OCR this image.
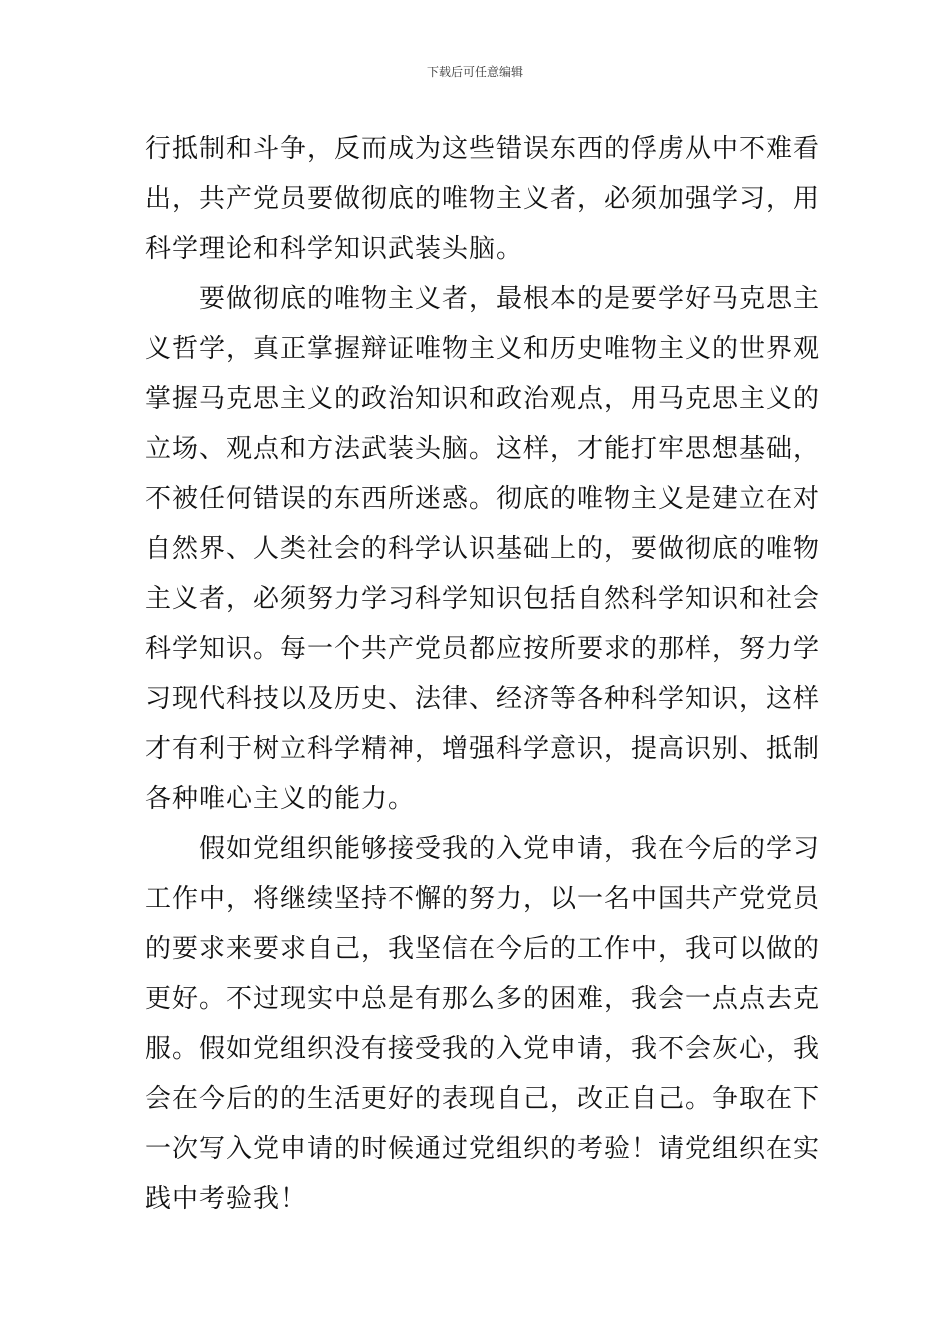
下载后可任意编辑
行抵制和斗争，反而成为这些错误东西的俘虏从中不难看
出，共产党员要做彻底的唯物主义者，必须加强学习，用
科学理论和科学知识武装头脑。
要做彻底的唯物主义者，最根本的是要学好马克思主
义哲学，真正掌握辩证唯物主义和历史唯物主义的世界观
掌握马克思主义的政治知识和政治观点，用马克思主义的
立场、观点和方法武装头脑。这样，才能打牢思想基础，
不被任何错误的东西所迷惑。彻底的唯物主义是建立在对
自然界、人类社会的科学认识基础上的，要做彻底的唯物
主义者，必须努力学习科学知识包括自然科学知识和社会
科学知识。每一个共产党员都应按所要求的那样，努力学
习现代科技以及历史、法律、经济等各种科学知识，这样
才有利于树立科学精神，增强科学意识，提高识别、抵制
各种唯心主义的能力。
假如党组织能够接受我的入党申请，我在今后的学习
工作中，将继续坚持不懈的努力，以一名中国共产党党员
的要求来要求自己，我坚信在今后的工作中，我可以做的
更好。不过现实中总是有那么多的困难，我会一点点去克
服。假如党组织没有接受我的入党申请，我不会灰心，我
会在今后的的生活更好的表现自己，改正自己。争取在下
一次写入党申请的时候通过党组织的考验！请党组织在实
践中考验我！
